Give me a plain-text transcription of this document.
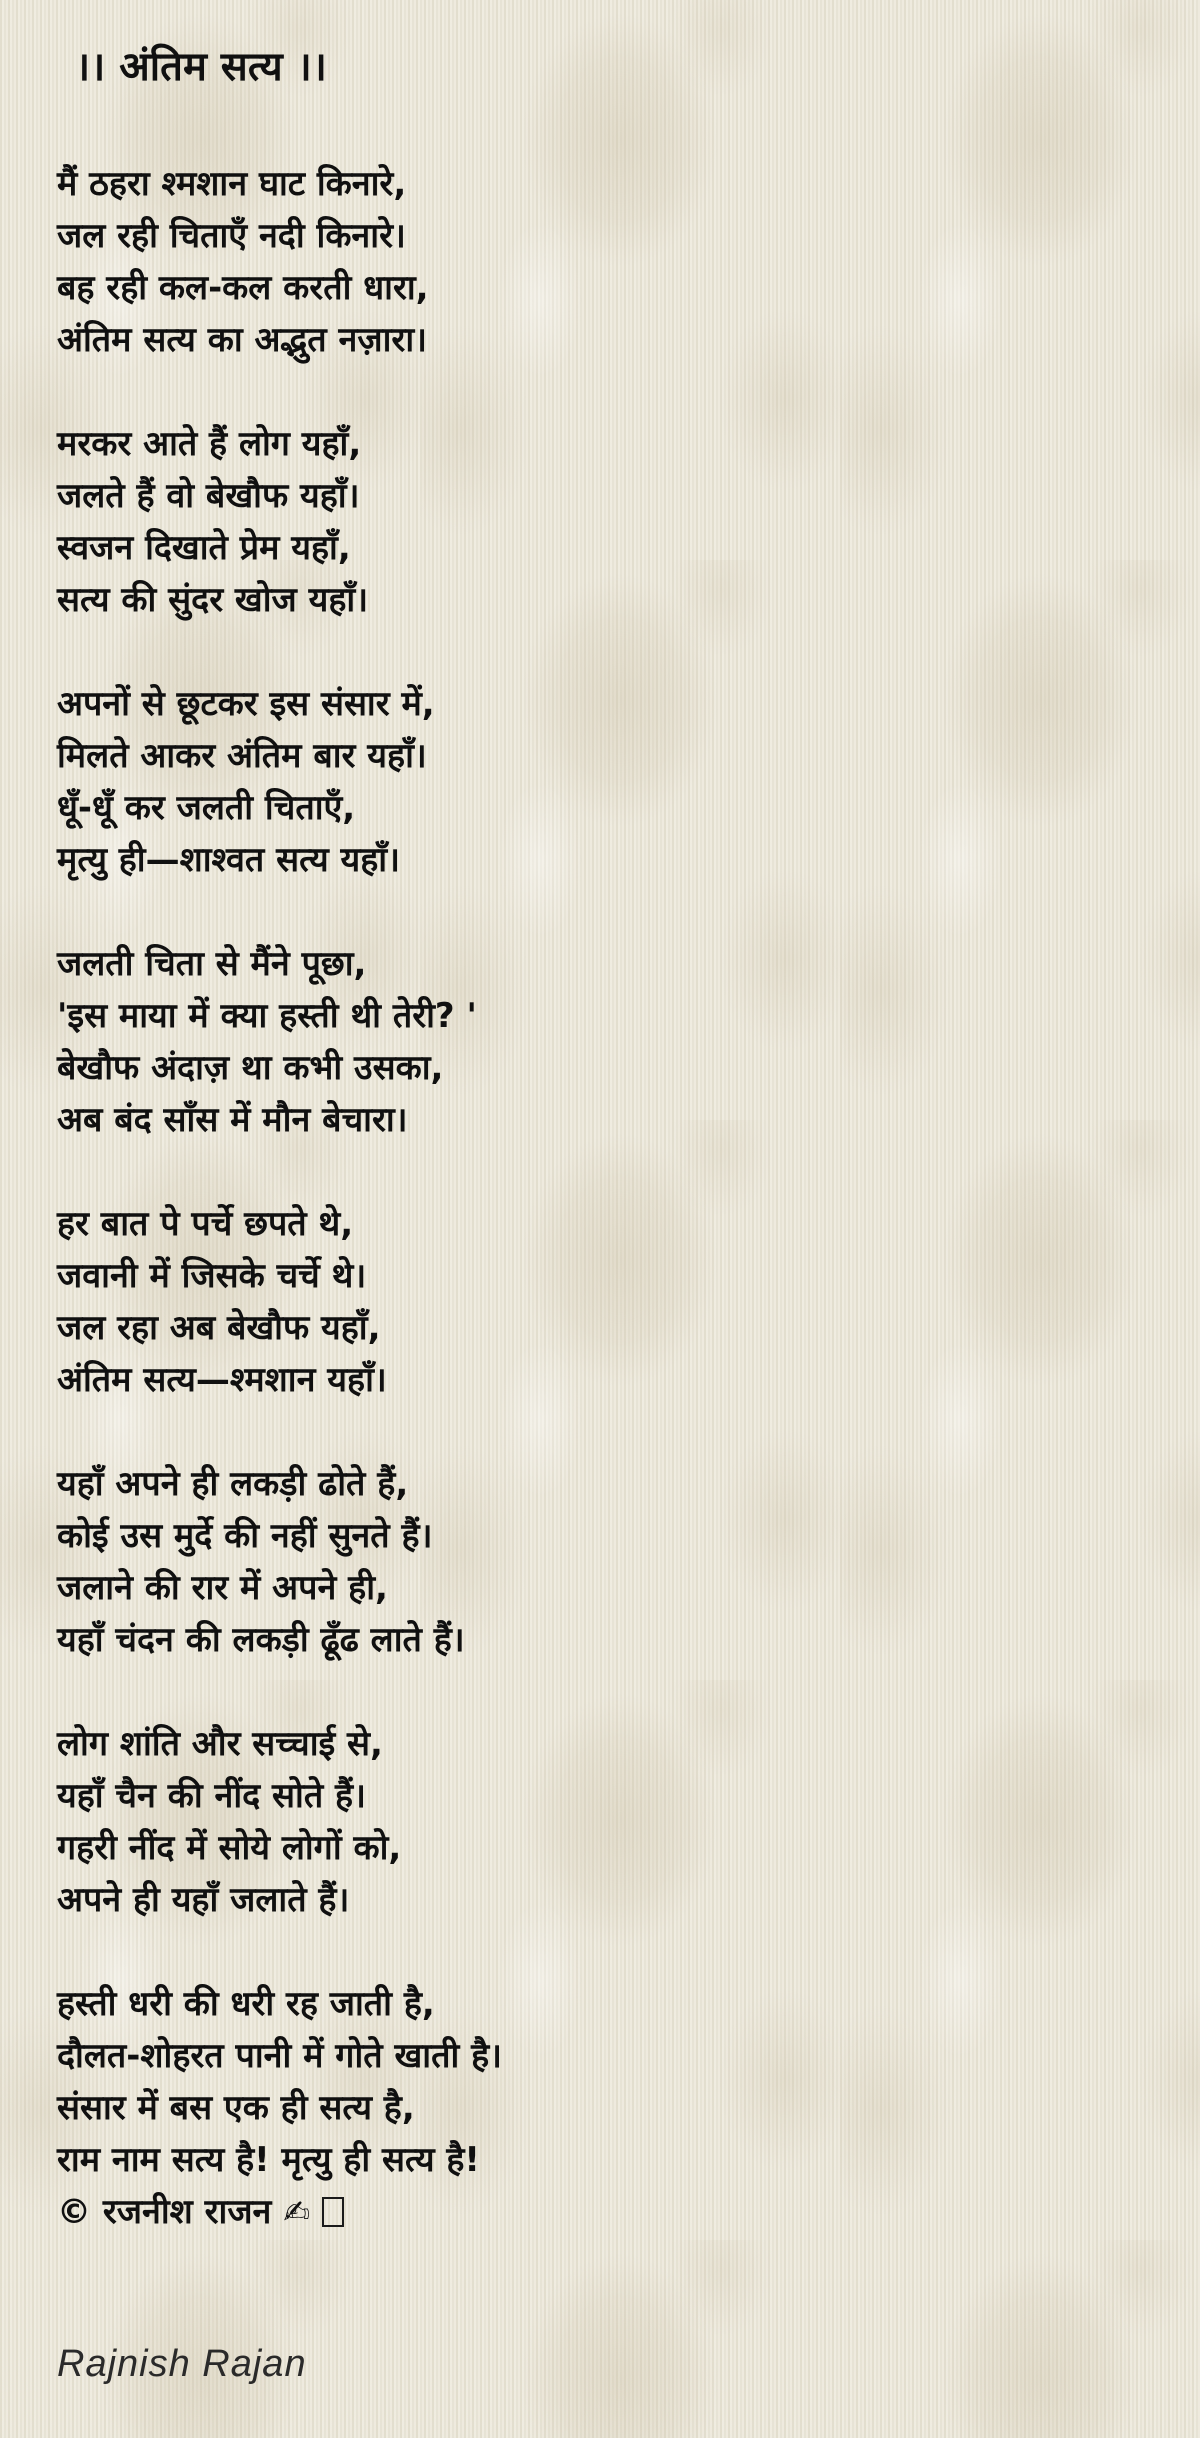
।। अंतिम सत्य ।।
मैं ठहरा श्मशान घाट किनारे,
जल रही चिताएँ नदी किनारे।
बह रही कल-कल करती धारा,
अंतिम सत्य का अद्भुत नज़ारा।
मरकर आते हैं लोग यहाँ,
जलते हैं वो बेखौफ यहाँ।
स्वजन दिखाते प्रेम यहाँ,
सत्य की सुंदर खोज यहाँ।
अपनों से छूटकर इस संसार में,
मिलते आकर अंतिम बार यहाँ।
धूँ-धूँ कर जलती चिताएँ,
मृत्यु ही—शाश्वत सत्य यहाँ।
जलती चिता से मैंने पूछा,
'इस माया में क्या हस्ती थी तेरी? '
बेखौफ अंदाज़ था कभी उसका,
अब बंद साँस में मौन बेचारा।
हर बात पे पर्चे छपते थे,
जवानी में जिसके चर्चे थे।
जल रहा अब बेखौफ यहाँ,
अंतिम सत्य—श्मशान यहाँ।
यहाँ अपने ही लकड़ी ढोते हैं,
कोई उस मुर्दे की नहीं सुनते हैं।
जलाने की रार में अपने ही,
यहाँ चंदन की लकड़ी ढूँढ लाते हैं।
लोग शांति और सच्चाई से,
यहाँ चैन की नींद सोते हैं।
गहरी नींद में सोये लोगों को,
अपने ही यहाँ जलाते हैं।
हस्ती धरी की धरी रह जाती है,
दौलत-शोहरत पानी में गोते खाती है।
संसार में बस एक ही सत्य है,
राम नाम सत्य है! मृत्यु ही सत्य है!
© रजनीश राजन ✍
Rajnish Rajan
